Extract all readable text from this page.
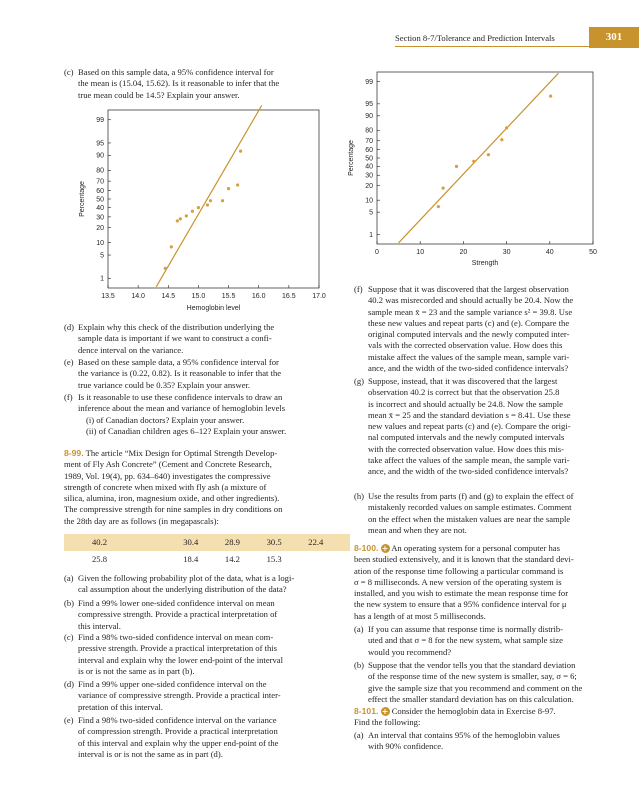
Section 8-7/Tolerance and Prediction Intervals	301
(c) Based on this sample data, a 95% confidence interval for
the mean is (15.04, 15.62). Is it reasonable to infer that the
true mean could be 14.5? Explain your answer.
1
5
10
20
30
40
50
60
70
80
90
95
99
13.5 14.0 14.5 15.0 15.5 16.0 16.5 17.0
Hemoglobin level
Percentage
(d) Explain why this check of the distribution underlying the
sample data is important if we want to construct a confi-
dence interval on the variance.
(e) Based on these sample data, a 95% confidence interval for
the variance is (0.22, 0.82). Is it reasonable to infer that the
true variance could be 0.35? Explain your answer.
(f) Is it reasonable to use these confidence intervals to draw an
inference about the mean and variance of hemoglobin levels
(i) of Canadian doctors? Explain your answer.
(ii) of Canadian children ages 6–12? Explain your answer.
8-99. The article “Mix Design for Optimal Strength Develop-
ment of Fly Ash Concrete” (Cement and Concrete Research,
1989, Vol. 19(4), pp. 634–640) investigates the compressive
strength of concrete when mixed with fly ash (a mixture of
silica, alumina, iron, magnesium oxide, and other ingredients).
The compressive strength for nine samples in dry conditions on
the 28th day are as follows (in megapascals):
40.2	30.4	28.9	30.5	22.4
25.8	18.4	14.2	15.3	
(a) Given the following probability plot of the data, what is a logi-
cal assumption about the underlying distribution of the data?
(b) Find a 99% lower one-sided confidence interval on mean
compressive strength. Provide a practical interpretation of
this interval.
(c) Find a 98% two-sided confidence interval on mean com-
pressive strength. Provide a practical interpretation of this
interval and explain why the lower end-point of the interval
is or is not the same as in part (b).
(d) Find a 99% upper one-sided confidence interval on the
variance of compressive strength. Provide a practical inter-
pretation of this interval.
(e) Find a 98% two-sided confidence interval on the variance
of compression strength. Provide a practical interpretation
of this interval and explain why the upper end-point of the
interval is or is not the same as in part (d).
1
5
10
20
30
40
50
60
70
80
90
95
99
0	10	20	30	40	50
Strength
Percentage
(f) Suppose that it was discovered that the largest observation
40.2 was misrecorded and should actually be 20.4. Now the
sample mean x̄ = 23 and the sample variance s² = 39.8. Use
these new values and repeat parts (c) and (e). Compare the
original computed intervals and the newly computed inter-
vals with the corrected observation value. How does this
mistake affect the values of the sample mean, sample vari-
ance, and the width of the two-sided confidence intervals?
(g) Suppose, instead, that it was discovered that the largest
observation 40.2 is correct but that the observation 25.8
is incorrect and should actually be 24.8. Now the sample
mean x̄ = 25 and the standard deviation s = 8.41. Use these
new values and repeat parts (c) and (e). Compare the origi-
nal computed intervals and the newly computed intervals
with the corrected observation value. How does this mis-
take affect the values of the sample mean, the sample vari-
ance, and the width of the two-sided confidence intervals?
(h) Use the results from parts (f) and (g) to explain the effect of
mistakenly recorded values on sample estimates. Comment
on the effect when the mistaken values are near the sample
mean and when they are not.
8-100. + An operating system for a personal computer has
been studied extensively, and it is known that the standard devi-
ation of the response time following a particular command is
σ = 8 milliseconds. A new version of the operating system is
installed, and you wish to estimate the mean response time for
the new system to ensure that a 95% confidence interval for μ
has a length of at most 5 milliseconds.
(a) If you can assume that response time is normally distrib-
uted and that σ = 8 for the new system, what sample size
would you recommend?
(b) Suppose that the vendor tells you that the standard deviation
of the response time of the new system is smaller, say, σ = 6;
give the sample size that you recommend and comment on the
effect the smaller standard deviation has on this calculation.
8-101. + Consider the hemoglobin data in Exercise 8-97.
Find the following:
(a) An interval that contains 95% of the hemoglobin values
with 90% confidence.
